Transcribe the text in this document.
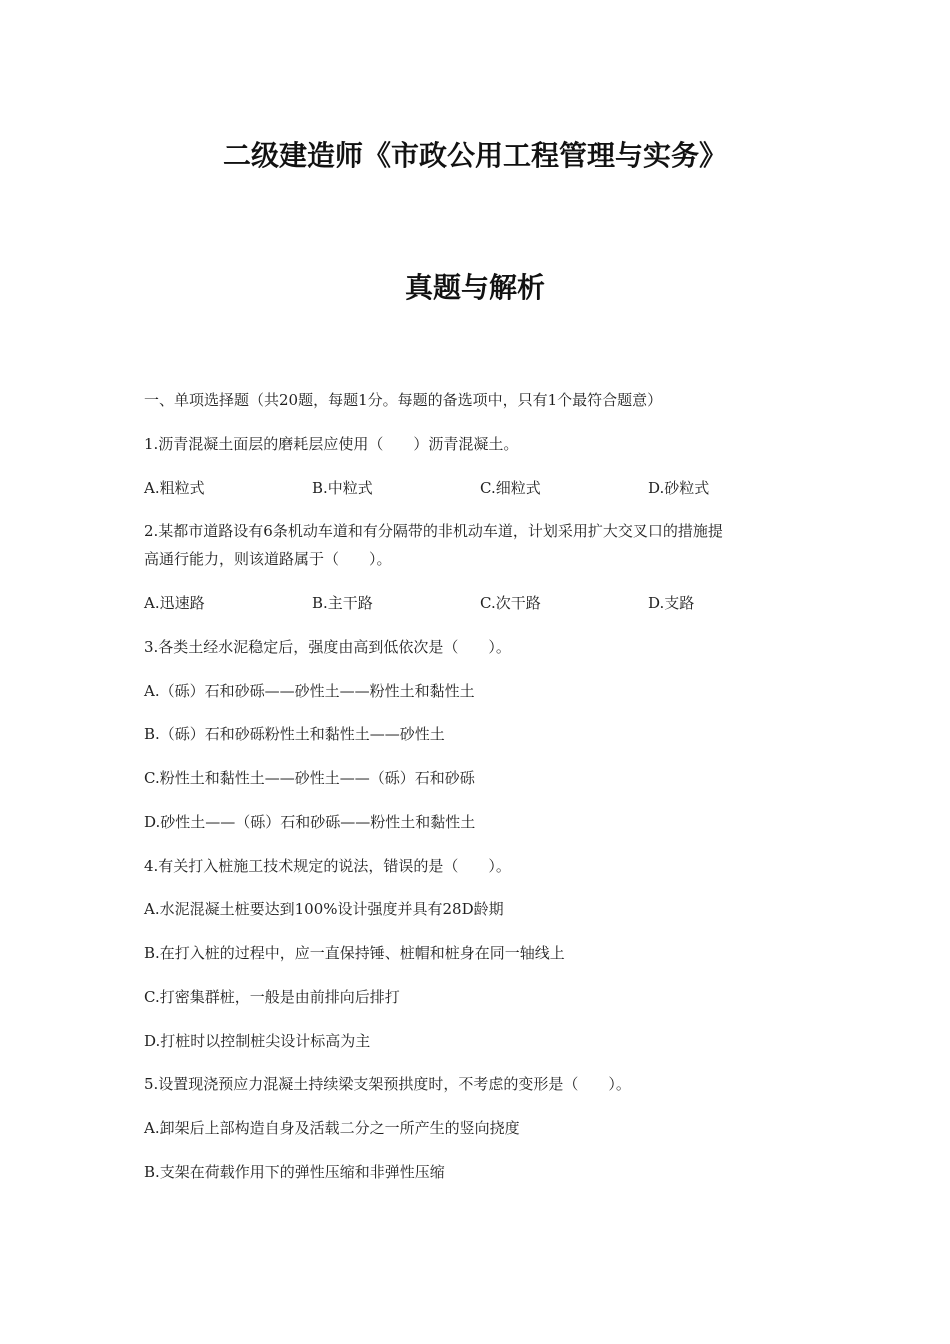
二级建造师《市政公用工程管理与实务》
真题与解析
一、单项选择题（共20题，每题1分。每题的备选项中，只有1个最符合题意）
1.沥青混凝土面层的磨耗层应使用（　　）沥青混凝土。
A.粗粒式	B.中粒式	C.细粒式	D.砂粒式
2.某都市道路设有6条机动车道和有分隔带的非机动车道，计划采用扩大交叉口的措施提
高通行能力，则该道路属于（　　）。
A.迅速路	B.主干路	C.次干路	D.支路
3.各类土经水泥稳定后，强度由高到低依次是（　　）。
A.（砾）石和砂砾——砂性土——粉性土和黏性土
B.（砾）石和砂砾粉性土和黏性土——砂性土
C.粉性土和黏性土——砂性土——（砾）石和砂砾
D.砂性土——（砾）石和砂砾——粉性土和黏性土
4.有关打入桩施工技术规定的说法，错误的是（　　）。
A.水泥混凝土桩要达到100%设计强度并具有28D龄期
B.在打入桩的过程中，应一直保持锤、桩帽和桩身在同一轴线上
C.打密集群桩，一般是由前排向后排打
D.打桩时以控制桩尖设计标高为主
5.设置现浇预应力混凝土持续梁支架预拱度时，不考虑的变形是（　　）。
A.卸架后上部构造自身及活载二分之一所产生的竖向挠度
B.支架在荷载作用下的弹性压缩和非弹性压缩
